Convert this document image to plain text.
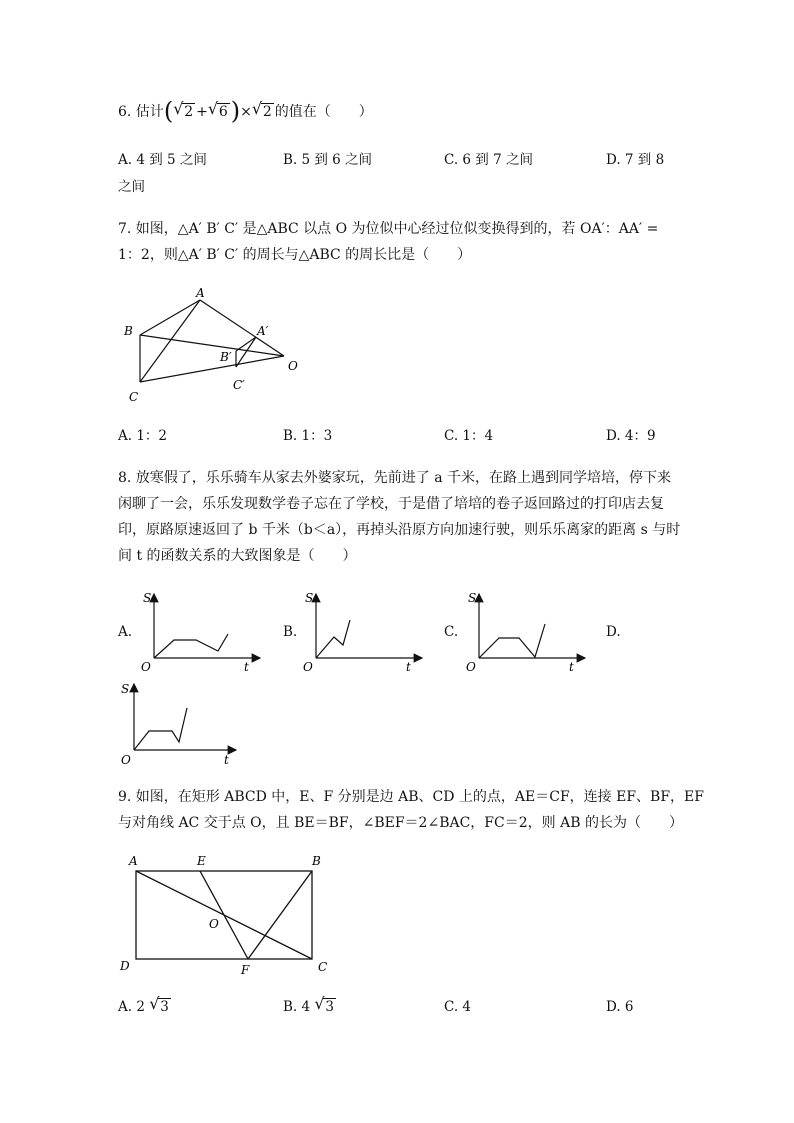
6. 估计( √ 2 + √ 6 )× √ 2 的值在（　　）
A. 4 到 5 之间	B. 5 到 6 之间	C. 6 到 7 之间	D. 7 到 8
之间
7. 如图，△A′ B′ C′ 是△ABC 以点 O 为位似中心经过位似变换得到的，若 OA′：AA′ =
1：2，则△A′ B′ C′ 的周长与△ABC 的周长比是（　　）
A
B
C
A′
B′
C′
O
A. 1：2	B. 1：3	C. 1：4	D. 4：9
8. 放寒假了，乐乐骑车从家去外婆家玩，先前进了 a 千米，在路上遇到同学培培，停下来
闲聊了一会，乐乐发现数学卷子忘在了学校，于是借了培培的卷子返回路过的打印店去复
印，原路原速返回了 b 千米（b＜a），再掉头沿原方向加速行驶，则乐乐离家的距离 s 与时
间 t 的函数关系的大致图象是（　　）
A.	B.	C.	D.
S
t
O
S
t
O
S
t
O
S
t
O
9. 如图，在矩形 ABCD 中，E、F 分别是边 AB、CD 上的点，AE＝CF，连接 EF、BF，EF
与对角线 AC 交于点 O，且 BE＝BF，∠BEF＝2∠BAC，FC＝2，则 AB 的长为（　　）
A	E	B
O
D	F	C
A. 2 √ 3	B. 4 √ 3	C. 4	D. 6
